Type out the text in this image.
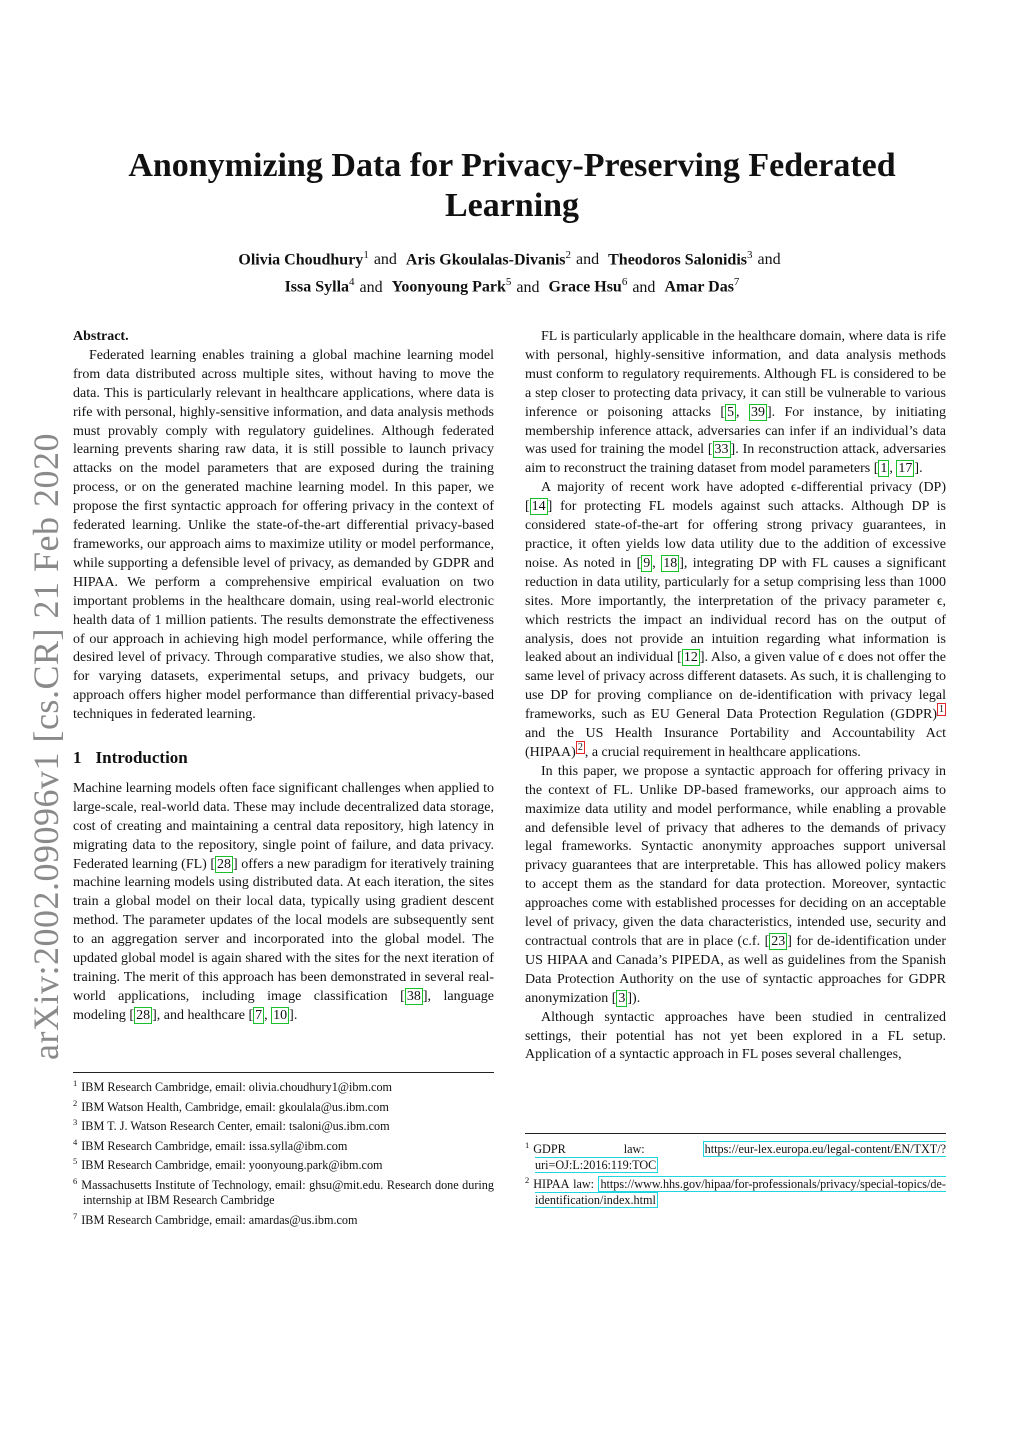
arXiv:2002.09096v1 [cs.CR] 21 Feb 2020
Anonymizing Data for Privacy-Preserving Federated Learning
Olivia Choudhury$^1$ and Aris Gkoulalas-Divanis$^2$ and Theodoros Salonidis$^3$ and
Issa Sylla$^4$ and Yoonyoung Park$^5$ and Grace Hsu$^6$ and Amar Das$^7$

Abstract.

Federated learning enables training a global machine learning model from data distributed across multiple sites, without having to move the data. This is particularly relevant in healthcare applications, where data is rife with personal, highly-sensitive information, and data analysis methods must provably comply with regulatory guidelines. Although federated learning prevents sharing raw data, it is still possible to launch privacy attacks on the model parameters that are exposed during the training process, or on the generated machine learning model. In this paper, we propose the first syntactic approach for offering privacy in the context of federated learning. Unlike the state-of-the-art differential privacy-based frameworks, our approach aims to maximize utility or model performance, while supporting a defensible level of privacy, as demanded by GDPR and HIPAA. We perform a comprehensive empirical evaluation on two important problems in the healthcare domain, using real-world electronic health data of 1 million patients. The results demonstrate the effectiveness of our approach in achieving high model performance, while offering the desired level of privacy. Through comparative studies, we also show that, for varying datasets, experimental setups, and privacy budgets, our approach offers higher model performance than differential privacy-based techniques in federated learning.

1 Introduction

Machine learning models often face significant challenges when applied to large-scale, real-world data. These may include decentralized data storage, cost of creating and maintaining a central data repository, high latency in migrating data to the repository, single point of failure, and data privacy. Federated learning (FL) [ 28 ] offers a new paradigm for iteratively training machine learning models using distributed data. At each iteration, the sites train a global model on their local data, typically using gradient descent method. The parameter updates of the local models are subsequently sent to an aggregation server and incorporated into the global model. The updated global model is again shared with the sites for the next iteration of training. The merit of this approach has been demonstrated in several real-world applications, including image classification [ 38 ], language modeling [ 28 ], and healthcare [ 7 , 10 ].

$^1$ IBM Research Cambridge, email: olivia.choudhury1@ibm.com

$^2$ IBM Watson Health, Cambridge, email: gkoulala@us.ibm.com

$^3$ IBM T. J. Watson Research Center, email: tsaloni@us.ibm.com

$^4$ IBM Research Cambridge, email: issa.sylla@ibm.com

$^5$ IBM Research Cambridge, email: yoonyoung.park@ibm.com

$^6$ Massachusetts Institute of Technology, email: ghsu@mit.edu. Research done during internship at IBM Research Cambridge

$^7$ IBM Research Cambridge, email: amardas@us.ibm.com

FL is particularly applicable in the healthcare domain, where data is rife with personal, highly-sensitive information, and data analysis methods must conform to regulatory requirements. Although FL is considered to be a step closer to protecting data privacy, it can still be vulnerable to various inference or poisoning attacks [ 5 , 39 ]. For instance, by initiating membership inference attack, adversaries can infer if an individual’s data was used for training the model [ 33 ]. In reconstruction attack, adversaries aim to reconstruct the training dataset from model parameters [ 1 , 17 ].

A majority of recent work have adopted ϵ-differential privacy (DP) [ 14 ] for protecting FL models against such attacks. Although DP is considered state-of-the-art for offering strong privacy guarantees, in practice, it often yields low data utility due to the addition of excessive noise. As noted in [ 9 , 18 ], integrating DP with FL causes a significant reduction in data utility, particularly for a setup comprising less than 1000 sites. More importantly, the interpretation of the privacy parameter ϵ, which restricts the impact an individual record has on the output of analysis, does not provide an intuition regarding what information is leaked about an individual [ 12 ]. Also, a given value of ϵ does not offer the same level of privacy across different datasets. As such, it is challenging to use DP for proving compliance on de-identification with privacy legal frameworks, such as EU General Data Protection Regulation (GDPR) $^1$ and the US Health Insurance Portability and Accountability Act (HIPAA) $^2$ , a crucial requirement in healthcare applications.

In this paper, we propose a syntactic approach for offering privacy in the context of FL. Unlike DP-based frameworks, our approach aims to maximize data utility and model performance, while enabling a provable and defensible level of privacy that adheres to the demands of privacy legal frameworks. Syntactic anonymity approaches support universal privacy guarantees that are interpretable. This has allowed policy makers to accept them as the standard for data protection. Moreover, syntactic approaches come with established processes for deciding on an acceptable level of privacy, given the data characteristics, intended use, security and contractual controls that are in place (c.f. [ 23 ] for de-identification under US HIPAA and Canada’s PIPEDA, as well as guidelines from the Spanish Data Protection Authority on the use of syntactic approaches for GDPR anonymization [ 3 ]).

Although syntactic approaches have been studied in centralized settings, their potential has not yet been explored in a FL setup. Application of a syntactic approach in FL poses several challenges,

$^1$ GDPR law: https://eur-lex.europa.eu/legal-content/EN/TXT/?uri=OJ:L:2016:119:TOC

$^2$ HIPAA law: https://www.hhs.gov/hipaa/for-professionals/privacy/special-topics/de-identification/index.html
